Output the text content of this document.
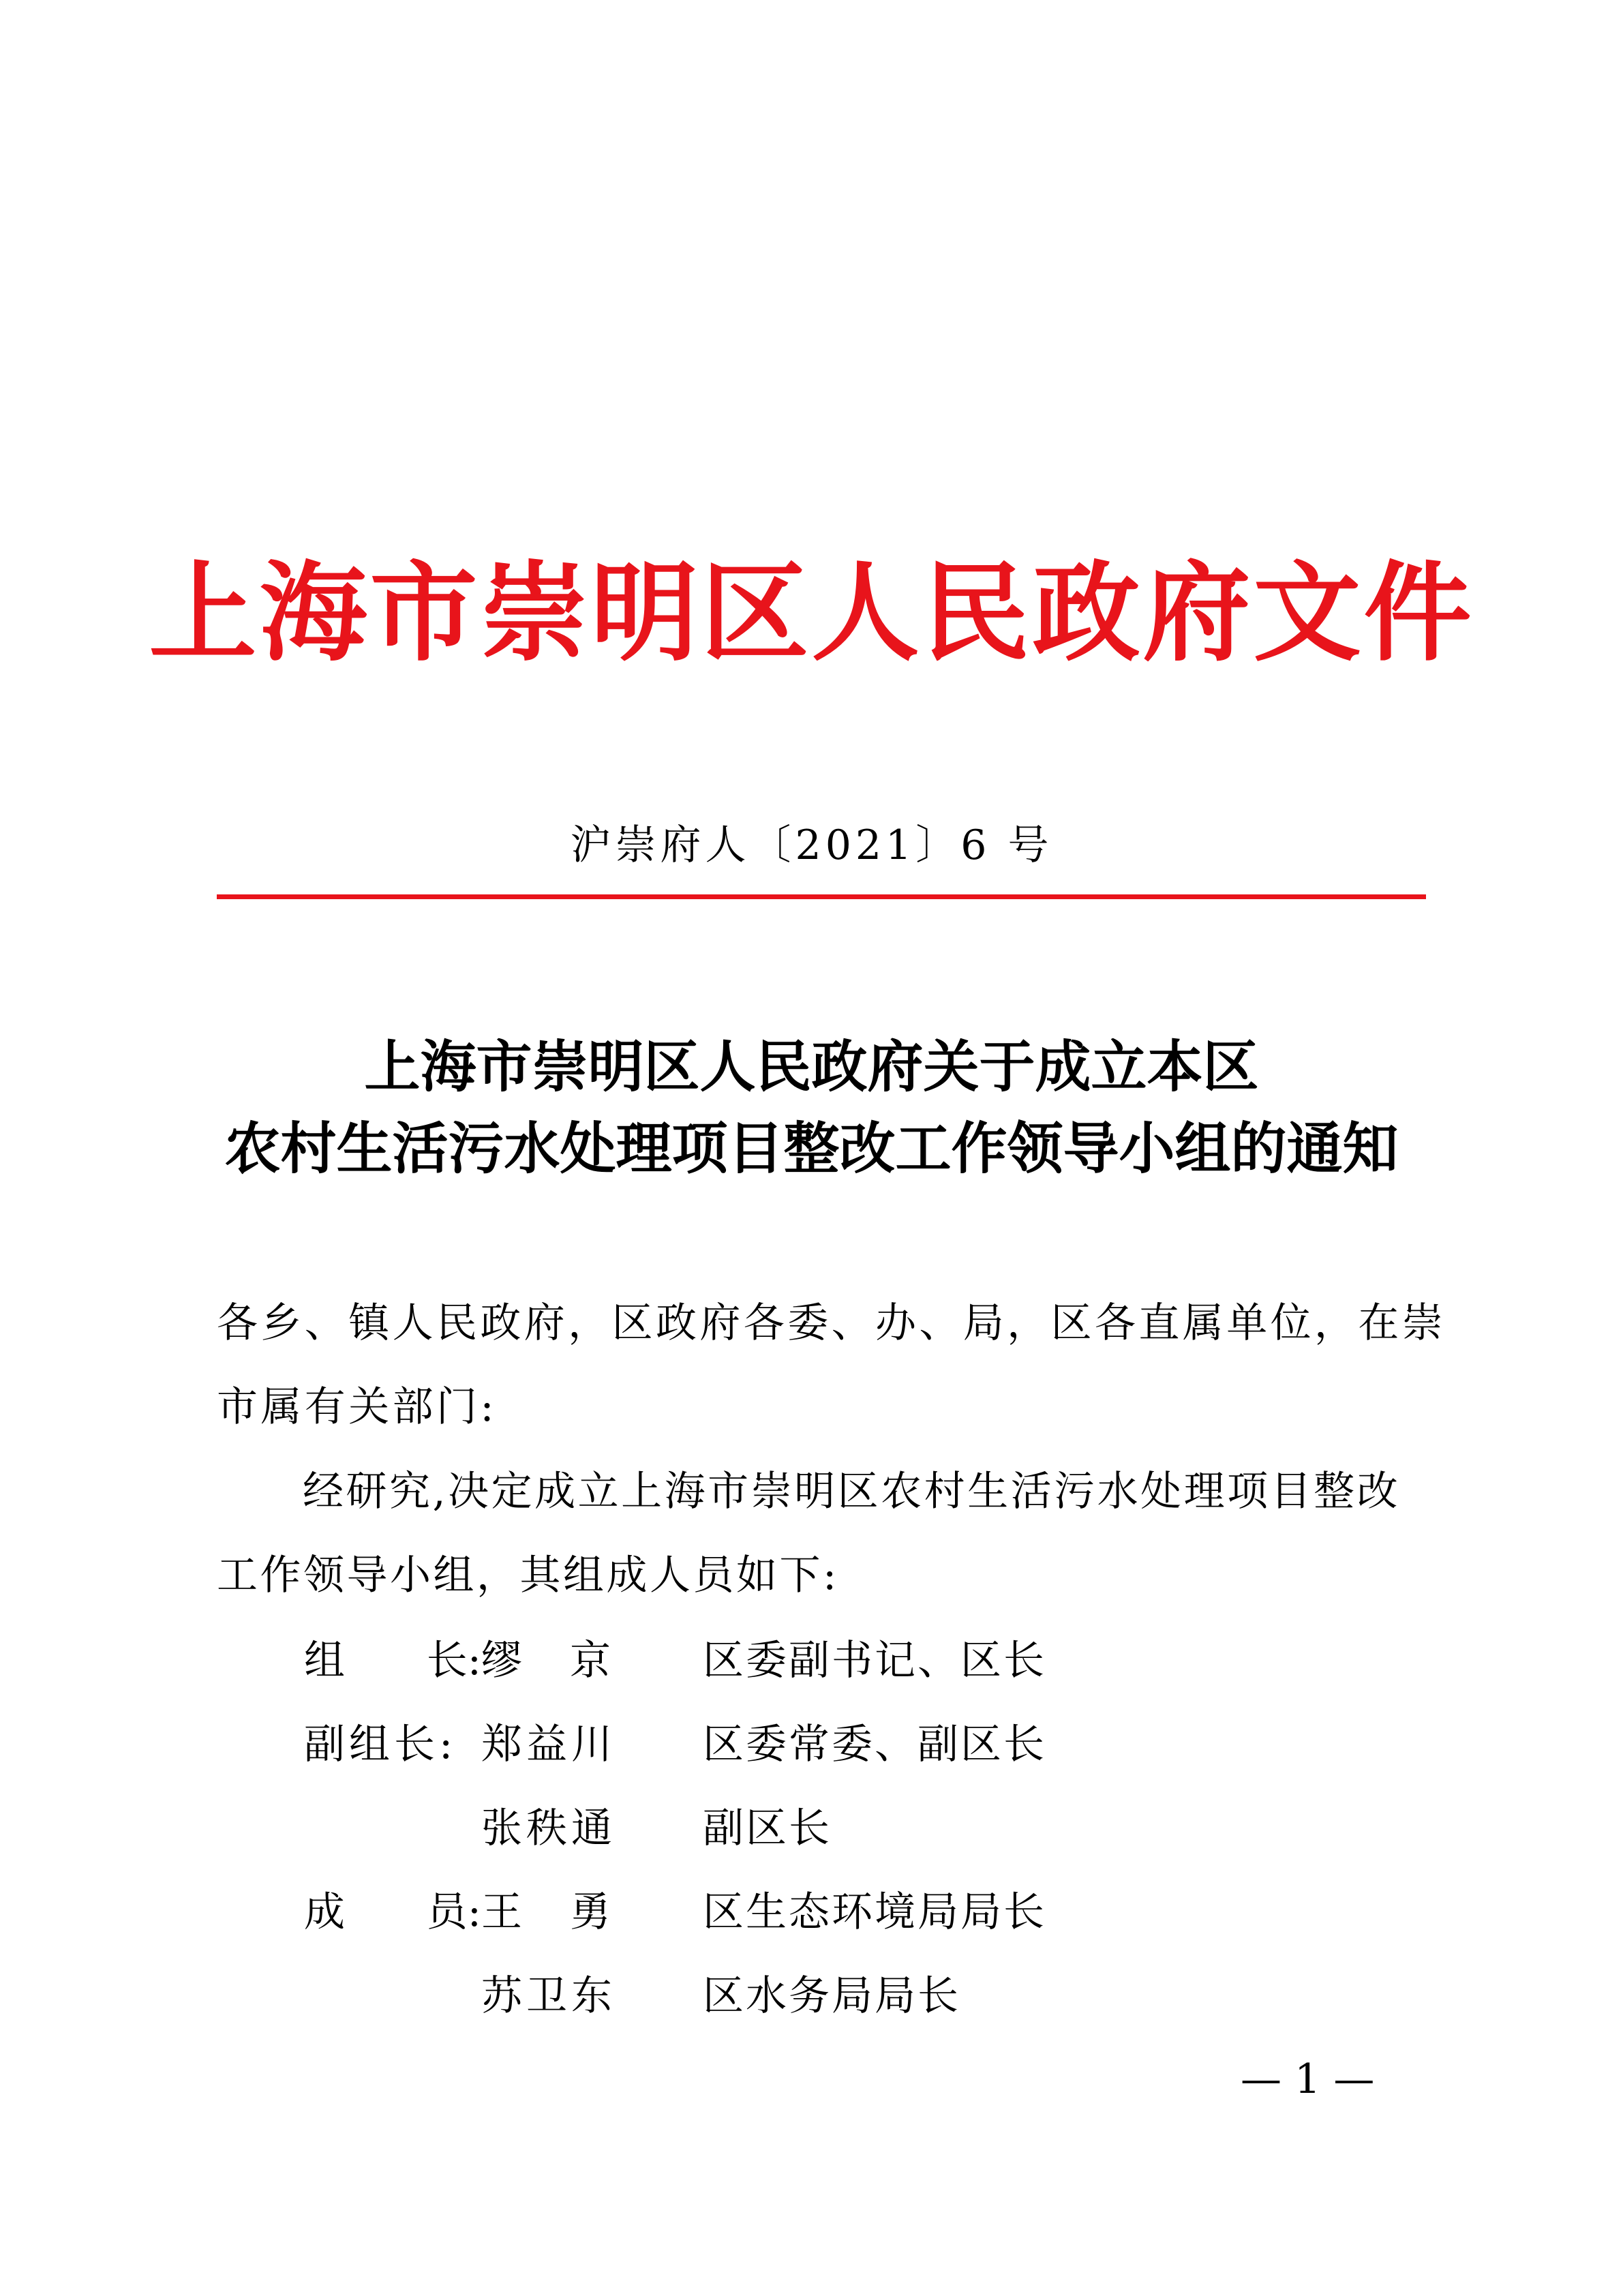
上海市崇明区人民政府文件
沪崇府人〔2021〕6 号
上海市崇明区人民政府关于成立本区
农村生活污水处理项目整改工作领导小组的通知
各乡、镇人民政府，区政府各委、办、局，区各直属单位，在崇
市属有关部门:
经研究,决定成立上海市崇明区农村生活污水处理项目整改
工作领导小组，其组成人员如下:
组 长: 缪 京 区委副书记、区长
副组长: 郑益川 区委常委、副区长
张秩通 副区长
成 员: 王 勇 区生态环境局局长
苏卫东 区水务局局长
— 1 —
